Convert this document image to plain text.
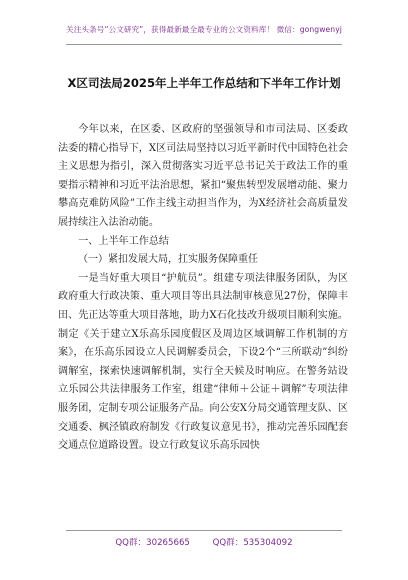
关注头条号“公文研究”，获得最新最全最专业的公文资料库！ 微信：gongwenyj
X区司法局2025年上半年工作总结和下半年工作计划

今年以来，在区委、区政府的坚强领导和市司法局、区委政法委的精心指导下，X区司法局坚持以习近平新时代中国特色社会主义思想为指引，深入贯彻落实习近平总书记关于政法工作的重要指示精神和习近平法治思想，紧扣“聚焦转型发展增动能、聚力攀高克难防风险”工作主线主动担当作为，为X经济社会高质量发展持续注入法治动能。

一、上半年工作总结

（一）紧扣发展大局，扛实服务保障重任

一是当好重大项目“护航员”。组建专项法律服务团队，为区政府重大行政决策、重大项目等出具法制审核意见27份，保障丰田、先正达等重大项目落地，助力X石化技改升级项目顺利实施。制定《关于建立X乐高乐园度假区及周边区域调解工作机制的方案》，在乐高乐园设立人民调解委员会，下设2个“三所联动”纠纷调解室，探索快速调解机制，实行全天候及时响应。在警务站设立乐园公共法律服务工作室，组建“律师＋公证＋调解”专项法律服务团，定制专项公证服务产品。向公安X分局交通管理支队、区交通委、枫泾镇政府制发《行政复议意见书》，推动完善乐园配套交通点位道路设置。设立行政复议乐高乐园快

QQ群：30265665	QQ群：535304092
